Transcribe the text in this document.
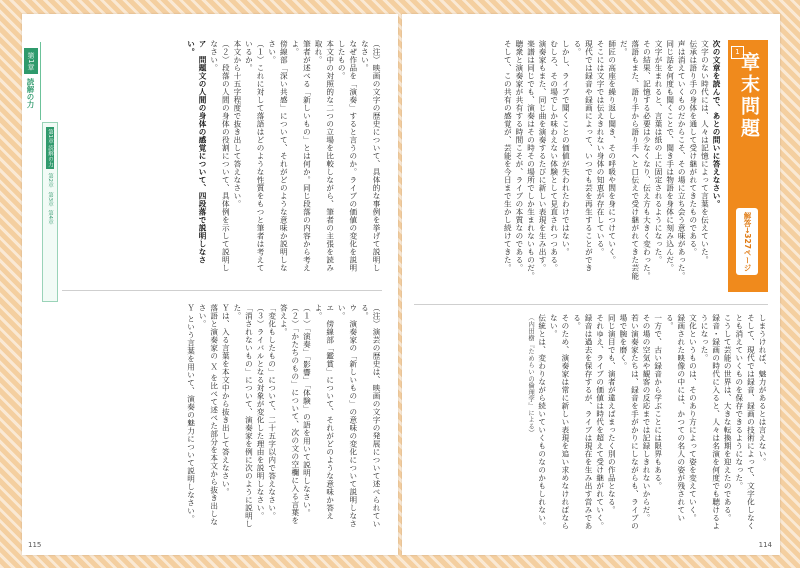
第1章
読解の力
第1章 読解の力
第2章
第3章
第4章	（注）映画の文字の歴史について、具体的な事例を挙げて説明しなさい。

なぜ作品を「演奏」すると言うのか。ライブの価値の変化を説明したもの。

本文中の対照的な二つの立場を比較しながら、筆者の主張を読み取れ。

筆者が述べる「新しいもの」とは何か。同じ段落の内容から考えよ。

傍線部「深い共感」について、それがどのような意味か説明しなさい。

（１）これに対して落語はどのような性質をもつと筆者は考えているか。

本文から十五字程度で抜き出して答えなさい。

（２）段落の人間の身体の役割について、具体例を示して説明しなさい。

ア　問題文の人間の身体の感覚について、四段落で説明しなさい。

（注）演芸の歴史は、映画の文字の発展について述べられている。

ウ　演奏家の「新しいもの」の意味の変化について説明しなさい。

エ　傍線部「鑑賞」について、それがどのような意味か答えよ。

（１）「演奏」「影響」「体験」の語を用いて説明しなさい。

（２）「かたちのもの」について、次の文の空欄に入る言葉を答えよ。

「変化もしたもの」について、二十五字以内で答えなさい。

（３）ライバルとなる対象が変化した理由を説明しなさい。

「消されないもの」について、演奏家を例に次のように説明した。

Ｙは、入る言葉を本文中から抜き出して答えなさい。

落語と演奏家の Ｘ を比べて述べた部分を本文から抜き出しなさい。

Ｙ という言葉を用いて、演奏の魅力について説明しなさい。

115
1
章末問題
解答→327ページ

次の文章を読んで、あとの問いに答えなさい。

文字のない時代には、人々は記憶によって言葉を伝えていた。

伝承は語り手の身体を通して受け継がれてきたものである。

声は消えていくものだからこそ、その場に立ち会う意味があった。

同じ話を何度も聞くことで、聞き手は物語を身体に刻み込んだ。

文字が生まれると、言葉は紙の上に固定されるようになった。

その結果、記憶する必要は少なくなり、伝え方も大きく変わった。

落語もまた、語り手から語り手へと口伝えで受け継がれてきた芸能だ。

師匠の高座を繰り返し聞き、その呼吸や間を身につけていく。

そこには文字では伝えきれない身体の知恵が存在している。

現代では録音や録画によって、いつでも芸を再生することができる。

しかし、ライブで聞くことの価値が失われたわけではない。

むしろ、その場でしか味わえない体験として見直されつつある。

演奏家もまた、同じ曲を演奏するたびに新しい表現を生み出す。

楽譜は同じでも、演奏はその時その場所でしか生まれないものだ。

聴衆と演奏家が共有する時間こそが、ライブの本質なのである。

そして、この共有の感覚が、芸能を今日まで生かし続けてきた。

しまうければ、魅力があるとは言えない。

そして、現代では録音、録画の技術によって、文字化しなくとも消えていくものを保存できるようになった。

こうして芸能の世界は、大きな転換期を迎えたのである。

録音・録画の時代に入ると、人々は名演を何度でも聴けるようになった。

文化というものは、そのあり方によって姿を変えていく。

録画された映像の中には、かつての名人の姿が残されている。

一方で、古い録音から学ぶことには限界もある。

その場の空気や観客の反応までは記録しきれないからだ。

若い演奏家たちは、録音を手がかりにしながらも、ライブの場で腕を磨く。

同じ演目でも、演者が違えばまったく別の作品となる。

それゆえ、ライブの価値は時代を超えて受け継がれていく。

録音は過去を保存するが、ライブは現在を生み出す営みである。

そのため、演奏家は常に新しい表現を追い求めなければならない。

伝統とは、変わりながら続いていくものなのかもしれない。

（内田樹『ためらいの倫理学』による）

114
